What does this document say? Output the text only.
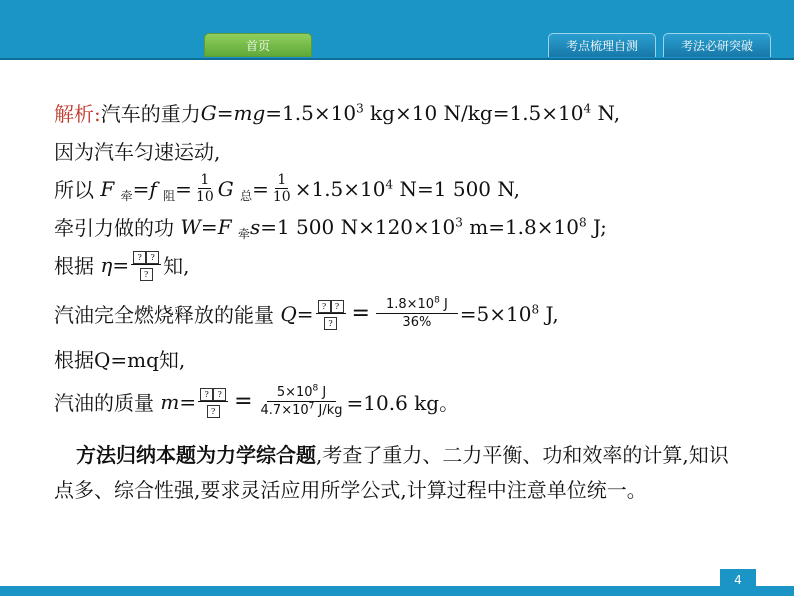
首页	考点梳理自测	考法必研突破
解析: 汽车的重力 $G=mg=1.5\times 10^3$ kg×10 $N/kg=1.5\times 10^4$ N,
因为汽车匀速运动,
所以 F $_牵$=f $_阻= \frac{1}{10}$ G $_总= \frac{1}{10} \times 1.5\times 10^4$ N=1 500 N,
牵引力做的功 W=F $_牵$s=1 500 $N\times 120\times 10^3$ $m=1.8\times 10^8$ J;
根据 $\eta= \frac{? ?}{?}$ 知,
汽油完全燃烧释放的能量 $Q= \frac{? ?}{?} = \frac{1.8\times 10^8 J}{36\%} =5\times 10^8$ J,
根据Q=mq知,
汽油的质量 $m= \frac{? ?}{?} = \frac{5\times 10^8 J}{4.7\times 10^7 J/kg} =10.6$ kg。
方法归纳本题为力学综合题,考查了重力、二力平衡、功和效率的计算,知识点多、综合性强,要求灵活应用所学公式,计算过程中注意单位统一。
4
